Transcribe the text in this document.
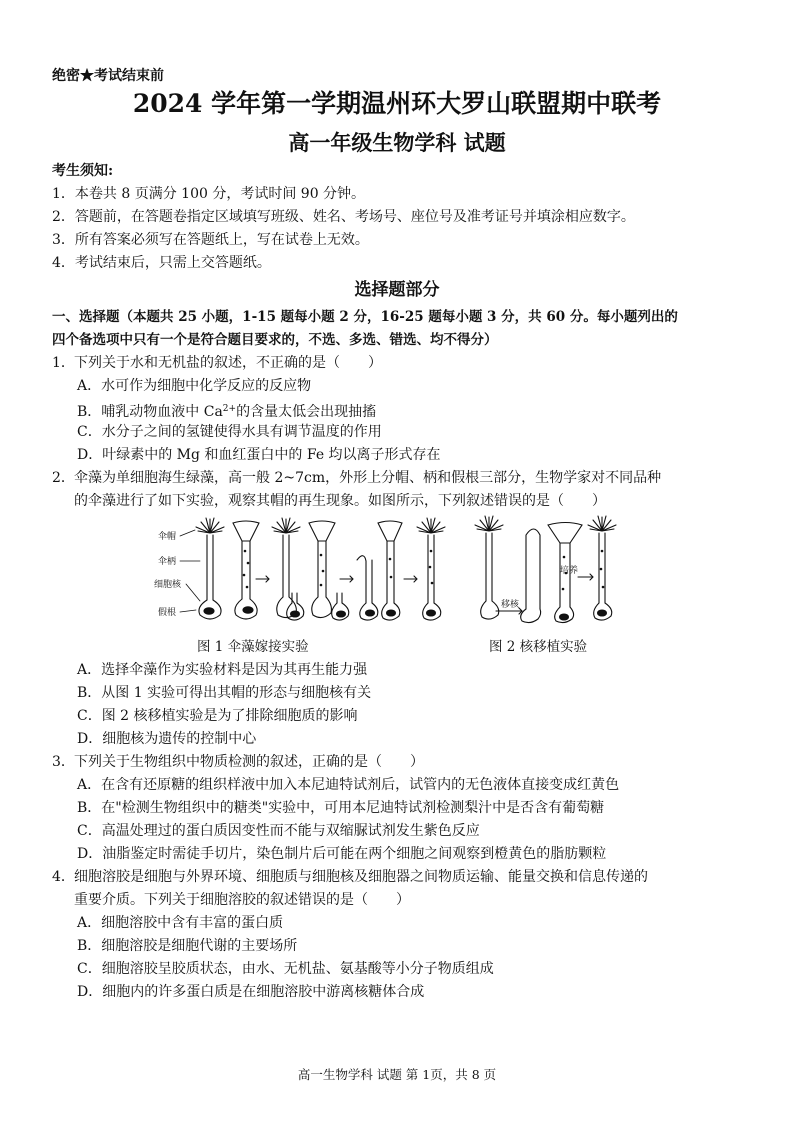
绝密★考试结束前

2024 学年第一学期温州环大罗山联盟期中联考

高一年级生物学科 试题

考生须知:

1．本卷共 8 页满分 100 分，考试时间 90 分钟。

2．答题前，在答题卷指定区域填写班级、姓名、考场号、座位号及准考证号并填涂相应数字。

3．所有答案必须写在答题纸上，写在试卷上无效。

4．考试结束后，只需上交答题纸。

选择题部分

一、选择题（本题共 25 小题，1-15 题每小题 2 分，16-25 题每小题 3 分，共 60 分。每小题列出的

四个备选项中只有一个是符合题目要求的，不选、多选、错选、均不得分）

1． 下列关于水和无机盐的叙述，不正确的是（　　）

A．水可作为细胞中化学反应的反应物

B．哺乳动物血液中 $Ca^{2+}$的含量太低会出现抽搐

C．水分子之间的氢键使得水具有调节温度的作用

D．叶绿素中的 Mg 和血红蛋白中的 Fe 均以离子形式存在

2． 伞藻为单细胞海生绿藻，高一般 2~7cm，外形上分帽、柄和假根三部分，生物学家对不同品种

的伞藻进行了如下实验，观察其帽的再生现象。如图所示，下列叙述错误的是（　　）

伞帽
伞柄
细胞核
假根
移核
培养

图 1 伞藻嫁接实验	图 2 核移植实验

A．选择伞藻作为实验材料是因为其再生能力强

B．从图 1 实验可得出其帽的形态与细胞核有关

C．图 2 核移植实验是为了排除细胞质的影响

D．细胞核为遗传的控制中心

3． 下列关于生物组织中物质检测的叙述，正确的是（　　）

A．在含有还原糖的组织样液中加入本尼迪特试剂后，试管内的无色液体直接变成红黄色

B．在"检测生物组织中的糖类"实验中，可用本尼迪特试剂检测梨汁中是否含有葡萄糖

C．高温处理过的蛋白质因变性而不能与双缩脲试剂发生紫色反应

D．油脂鉴定时需徒手切片，染色制片后可能在两个细胞之间观察到橙黄色的脂肪颗粒

4． 细胞溶胶是细胞与外界环境、细胞质与细胞核及细胞器之间物质运输、能量交换和信息传递的

重要介质。下列关于细胞溶胶的叙述错误的是（　　）

A．细胞溶胶中含有丰富的蛋白质

B．细胞溶胶是细胞代谢的主要场所

C．细胞溶胶呈胶质状态，由水、无机盐、氨基酸等小分子物质组成

D．细胞内的许多蛋白质是在细胞溶胶中游离核糖体合成

高一生物学科 试题 第 1页，共 8 页
